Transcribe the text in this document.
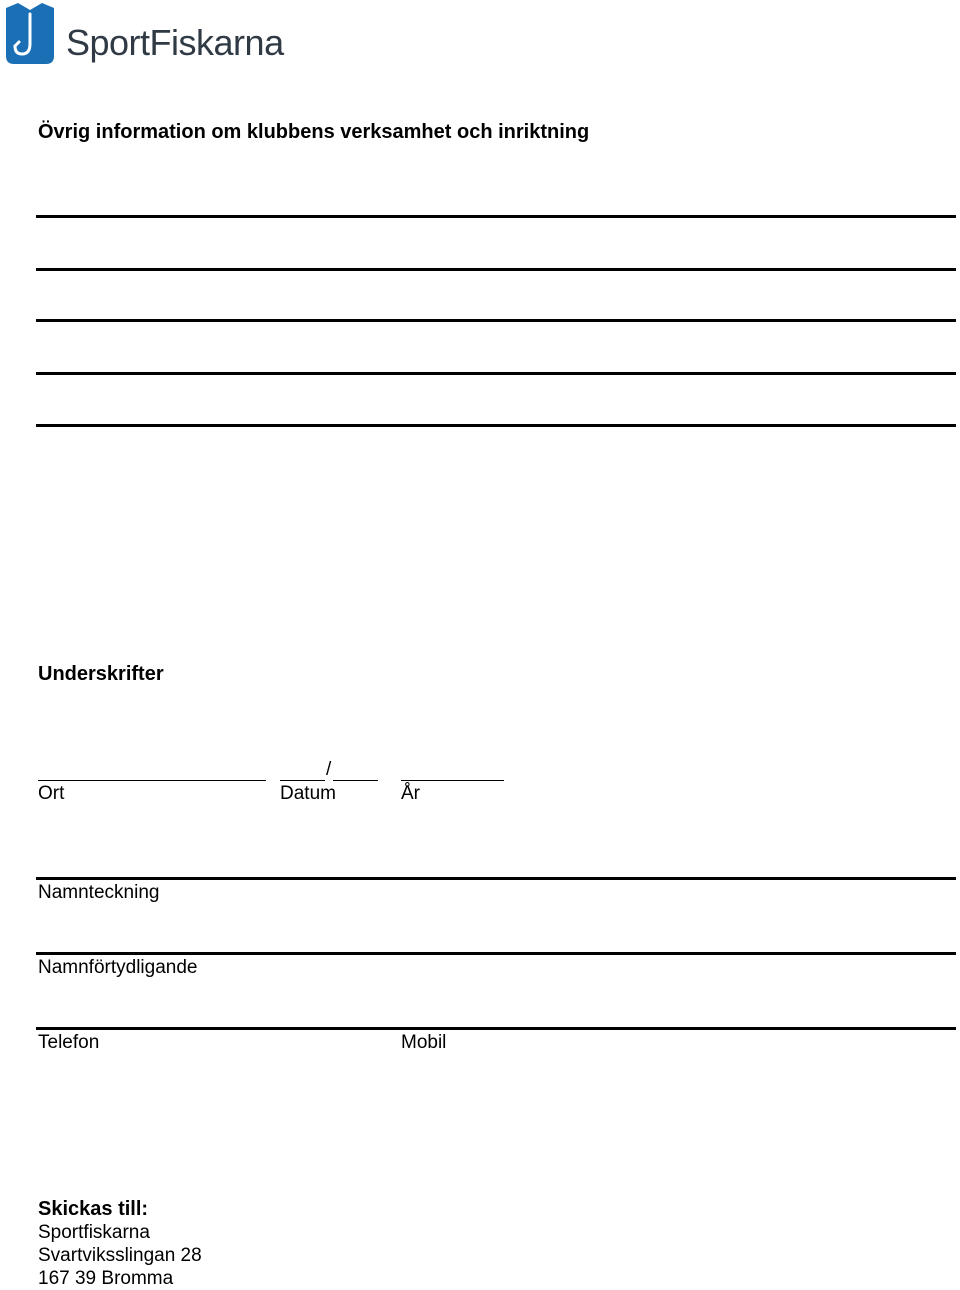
SportFiskarna
Övrig information om klubbens verksamhet och inriktning
Underskrifter
/
Ort	Datum	År
Namnteckning
Namnförtydligande
Telefon	Mobil
Skickas till:
Sportfiskarna
Svartviksslingan 28
167 39 Bromma
